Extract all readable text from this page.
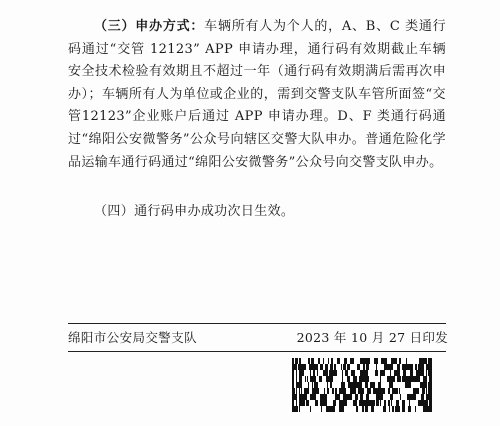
（三）申办方式：车辆所有人为个人的，A、B、C 类通行码通过“交管 12123” APP 申请办理，通行码有效期截止车辆安全技术检验有效期且不超过一年（通行码有效期满后需再次申办）；车辆所有人为单位或企业的，需到交警支队车管所面签“交管12123”企业账户后通过 APP 申请办理。D、F 类通行码通过“绵阳公安微警务”公众号向辖区交警大队申办。普通危险化学品运输车通行码通过“绵阳公安微警务”公众号向交警支队申办。

（四）通行码申办成功次日生效。

绵阳市公安局交警支队	2023 年 10 月 27 日印发
